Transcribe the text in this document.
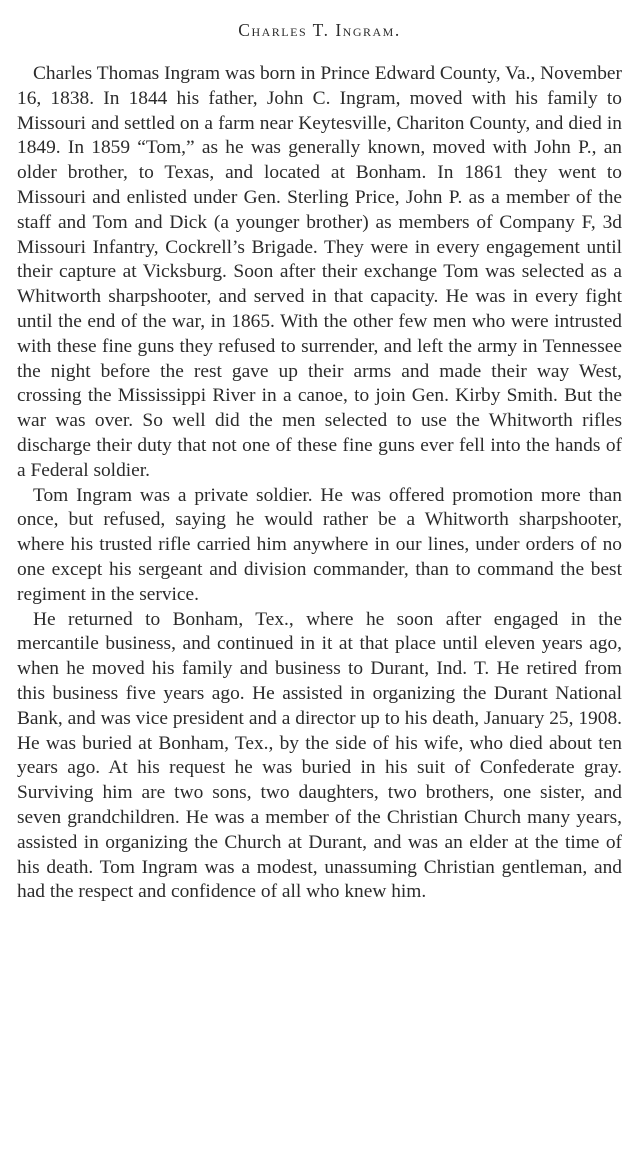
Charles T. Ingram.

Charles Thomas Ingram was born in Prince Edward County, Va., November 16, 1838. In 1844 his father, John C. Ingram, moved with his family to Missouri and settled on a farm near Keytesville, Chariton County, and died in 1849. In 1859 “Tom,” as he was generally known, moved with John P., an older brother, to Texas, and located at Bonham. In 1861 they went to Missouri and enlisted under Gen. Sterling Price, John P. as a member of the staff and Tom and Dick (a younger brother) as members of Company F, 3d Missouri Infantry, Cockrell’s Brigade. They were in every engagement until their capture at Vicksburg. Soon after their exchange Tom was selected as a Whitworth sharpshooter, and served in that capacity. He was in every fight until the end of the war, in 1865. With the other few men who were intrusted with these fine guns they refused to surrender, and left the army in Tennessee the night before the rest gave up their arms and made their way West, crossing the Mississippi River in a canoe, to join Gen. Kirby Smith. But the war was over. So well did the men selected to use the Whitworth rifles discharge their duty that not one of these fine guns ever fell into the hands of a Federal soldier.

Tom Ingram was a private soldier. He was offered promotion more than once, but refused, saying he would rather be a Whitworth sharpshooter, where his trusted rifle carried him anywhere in our lines, under orders of no one except his sergeant and division commander, than to command the best regiment in the service.

He returned to Bonham, Tex., where he soon after engaged in the mercantile business, and continued in it at that place until eleven years ago, when he moved his family and business to Durant, Ind. T. He retired from this business five years ago. He assisted in organizing the Durant National Bank, and was vice president and a director up to his death, January 25, 1908. He was buried at Bonham, Tex., by the side of his wife, who died about ten years ago. At his request he was buried in his suit of Confederate gray. Surviving him are two sons, two daughters, two brothers, one sister, and seven grandchildren. He was a member of the Christian Church many years, assisted in organizing the Church at Durant, and was an elder at the time of his death. Tom Ingram was a modest, unassuming Christian gentleman, and had the respect and confidence of all who knew him.
